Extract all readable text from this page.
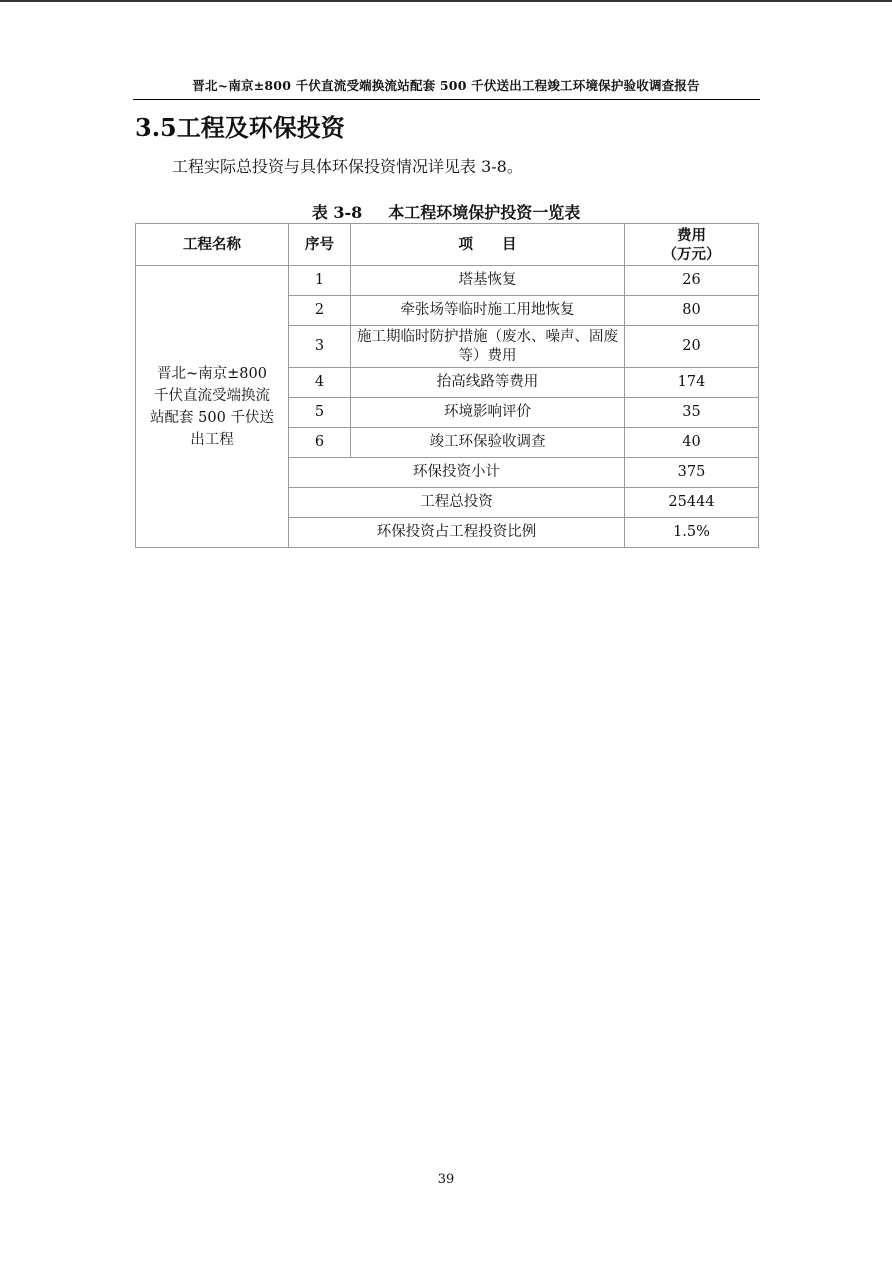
晋北~南京±800 千伏直流受端换流站配套 500 千伏送出工程竣工环境保护验收调查报告
3.5工程及环保投资
工程实际总投资与具体环保投资情况详见表 3-8。
表 3-8 本工程环境保护投资一览表
工程名称	序号	项　　目	费用
（万元）

晋北~南京±800 千伏直流受端换流站配套 500 千伏送出工程	1	塔基恢复	26
	2	牵张场等临时施工用地恢复	80
	3	施工期临时防护措施（废水、噪声、固废等）费用	20
	4	抬高线路等费用	174
	5	环境影响评价	35
	6	竣工环保验收调查	40
	环保投资小计		375
	工程总投资		25444
	环保投资占工程投资比例		1.5%
39
